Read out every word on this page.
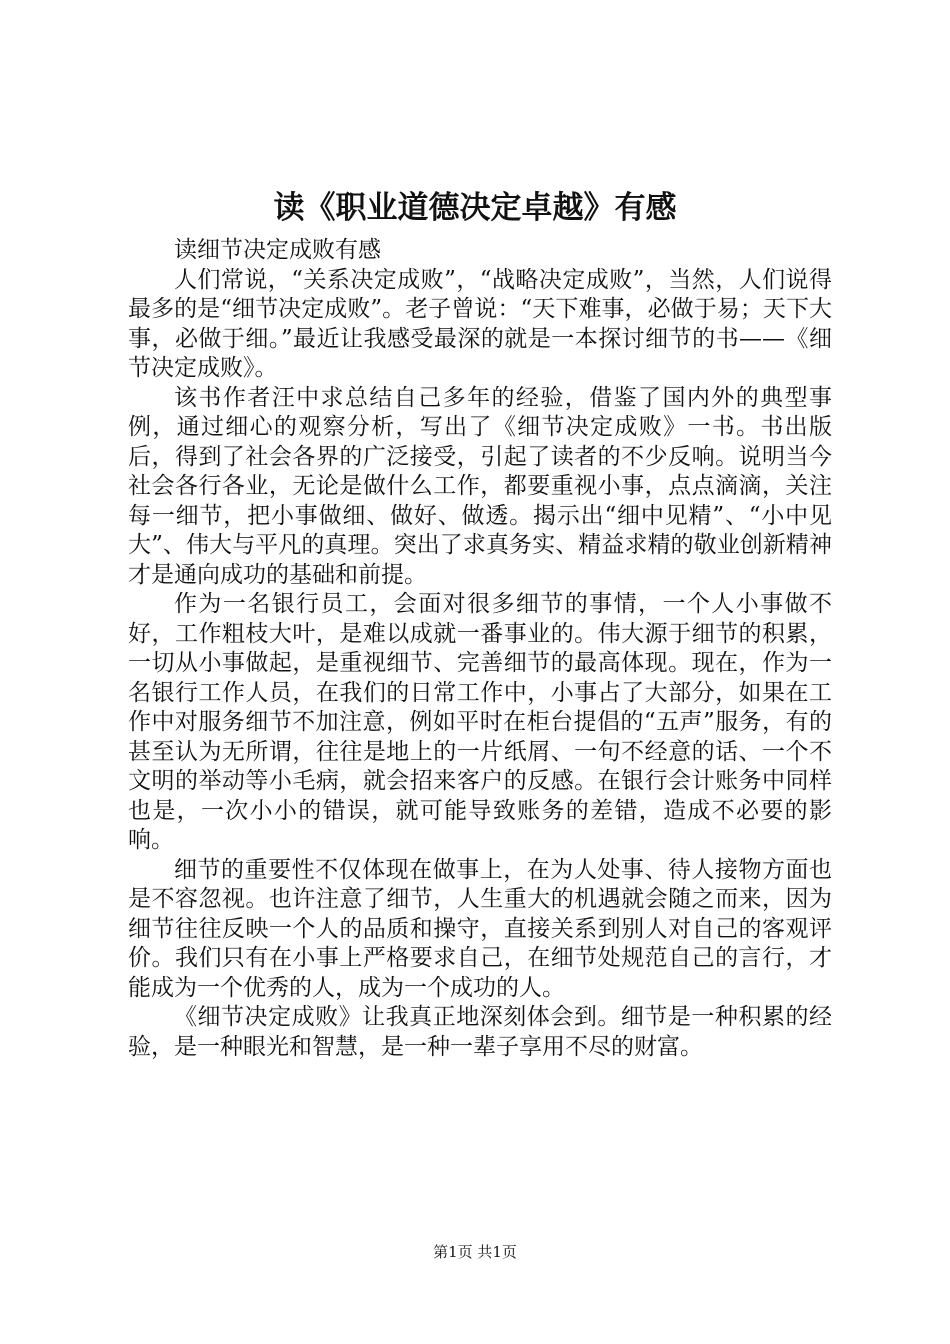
读《职业道德决定卓越》有感

读细节决定成败有感

人们常说，“关系决定成败”，“战略决定成败”，当然，人们说得最多的是“细节决定成败”。老子曾说：“天下难事，必做于易；天下大事，必做于细。”最近让我感受最深的就是一本探讨细节的书——《细节决定成败》。

该书作者汪中求总结自己多年的经验，借鉴了国内外的典型事例，通过细心的观察分析，写出了《细节决定成败》一书。书出版后，得到了社会各界的广泛接受，引起了读者的不少反响。说明当今社会各行各业，无论是做什么工作，都要重视小事，点点滴滴，关注每一细节，把小事做细、做好、做透。揭示出“细中见精”、“小中见大”、伟大与平凡的真理。突出了求真务实、精益求精的敬业创新精神才是通向成功的基础和前提。

作为一名银行员工，会面对很多细节的事情，一个人小事做不好，工作粗枝大叶，是难以成就一番事业的。伟大源于细节的积累，一切从小事做起，是重视细节、完善细节的最高体现。现在，作为一名银行工作人员，在我们的日常工作中，小事占了大部分，如果在工作中对服务细节不加注意，例如平时在柜台提倡的“五声”服务，有的甚至认为无所谓，往往是地上的一片纸屑、一句不经意的话、一个不文明的举动等小毛病，就会招来客户的反感。在银行会计账务中同样也是，一次小小的错误，就可能导致账务的差错，造成不必要的影响。

细节的重要性不仅体现在做事上，在为人处事、待人接物方面也是不容忽视。也许注意了细节，人生重大的机遇就会随之而来，因为细节往往反映一个人的品质和操守，直接关系到别人对自己的客观评价。我们只有在小事上严格要求自己，在细节处规范自己的言行，才能成为一个优秀的人，成为一个成功的人。

《细节决定成败》让我真正地深刻体会到。细节是一种积累的经验，是一种眼光和智慧，是一种一辈子享用不尽的财富。

第1页 共1页
